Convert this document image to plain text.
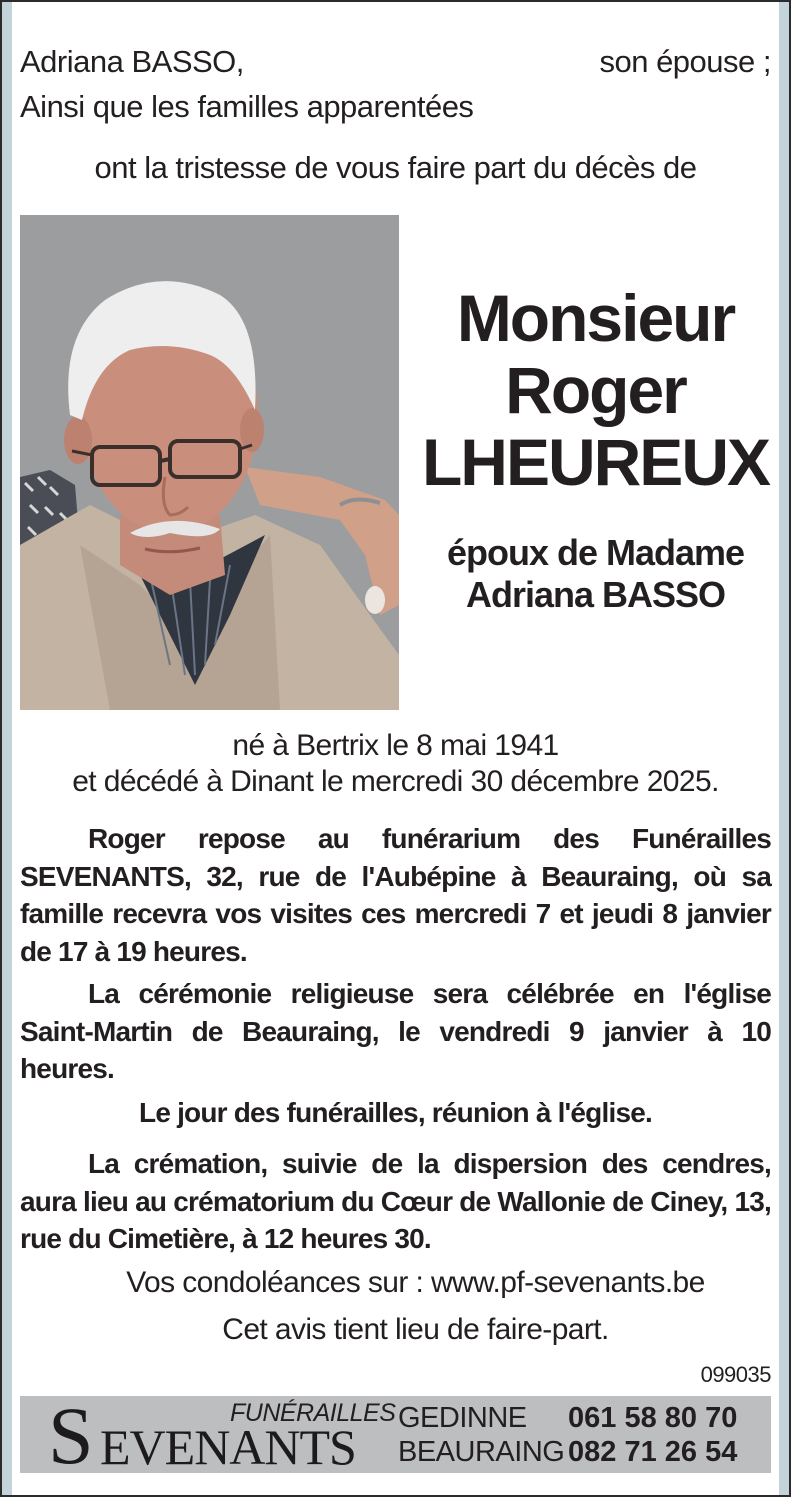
Adriana BASSO,	son épouse ;
Ainsi que les familles apparentées
ont la tristesse de vous faire part du décès de
Monsieur
Roger
LHEUREUX
époux de Madame
Adriana BASSO
né à Bertrix le 8 mai 1941
et décédé à Dinant le mercredi 30 décembre 2025.
Roger repose au funérarium des Funérailles SEVENANTS, 32, rue de l'Aubépine à Beauraing, où sa famille recevra vos visites ces mercredi 7 et jeudi 8 janvier de 17 à 19 heures.
La cérémonie religieuse sera célébrée en l'église Saint-Martin de Beauraing, le vendredi 9 janvier à 10 heures.
Le jour des funérailles, réunion à l'église.
La crémation, suivie de la dispersion des cendres, aura lieu au crématorium du Cœur de Wallonie de Ciney, 13, rue du Cimetière, à 12 heures 30.
Vos condoléances sur : www.pf-sevenants.be
Cet avis tient lieu de faire-part.
099035
S EVENANTS
FUNÉRAILLES GEDINNE 061 58 80 70
BEAURAING 082 71 26 54
